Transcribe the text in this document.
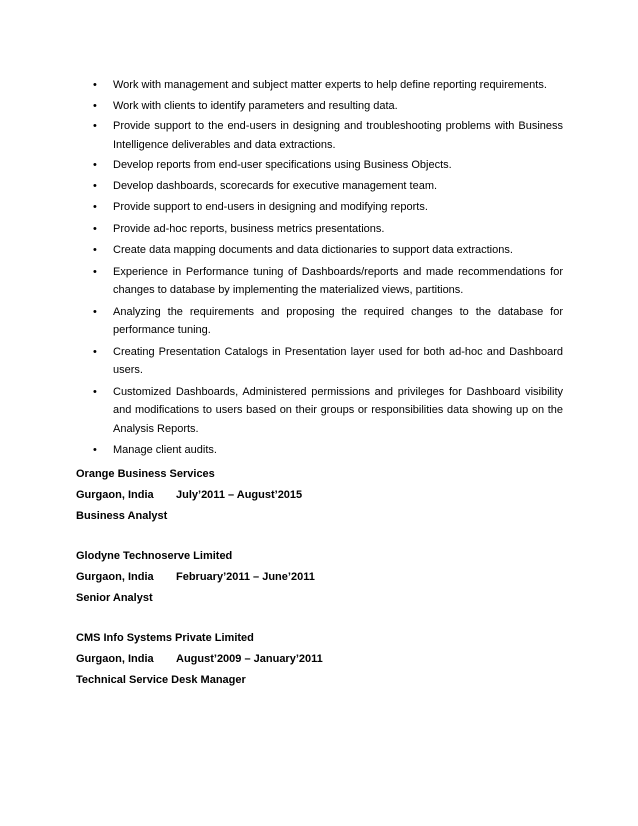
• Work with management and subject matter experts to help define reporting requirements.
• Work with clients to identify parameters and resulting data.
• Provide support to the end-users in designing and troubleshooting problems with Business Intelligence deliverables and data extractions.
• Develop reports from end-user specifications using Business Objects.
• Develop dashboards, scorecards for executive management team.
• Provide support to end-users in designing and modifying reports.
• Provide ad-hoc reports, business metrics presentations.
• Create data mapping documents and data dictionaries to support data extractions.
• Experience in Performance tuning of Dashboards/reports and made recommendations for changes to database by implementing the materialized views, partitions.
• Analyzing the requirements and proposing the required changes to the database for performance tuning.
• Creating Presentation Catalogs in Presentation layer used for both ad-hoc and Dashboard users.
• Customized Dashboards, Administered permissions and privileges for Dashboard visibility and modifications to users based on their groups or responsibilities data showing up on the Analysis Reports.
• Manage client audits.
Orange Business Services
Gurgaon, India	July’2011 – August’2015
Business Analyst
Glodyne Technoserve Limited
Gurgaon, India	February’2011 – June’2011
Senior Analyst
CMS Info Systems Private Limited
Gurgaon, India	August’2009 – January’2011
Technical Service Desk Manager
